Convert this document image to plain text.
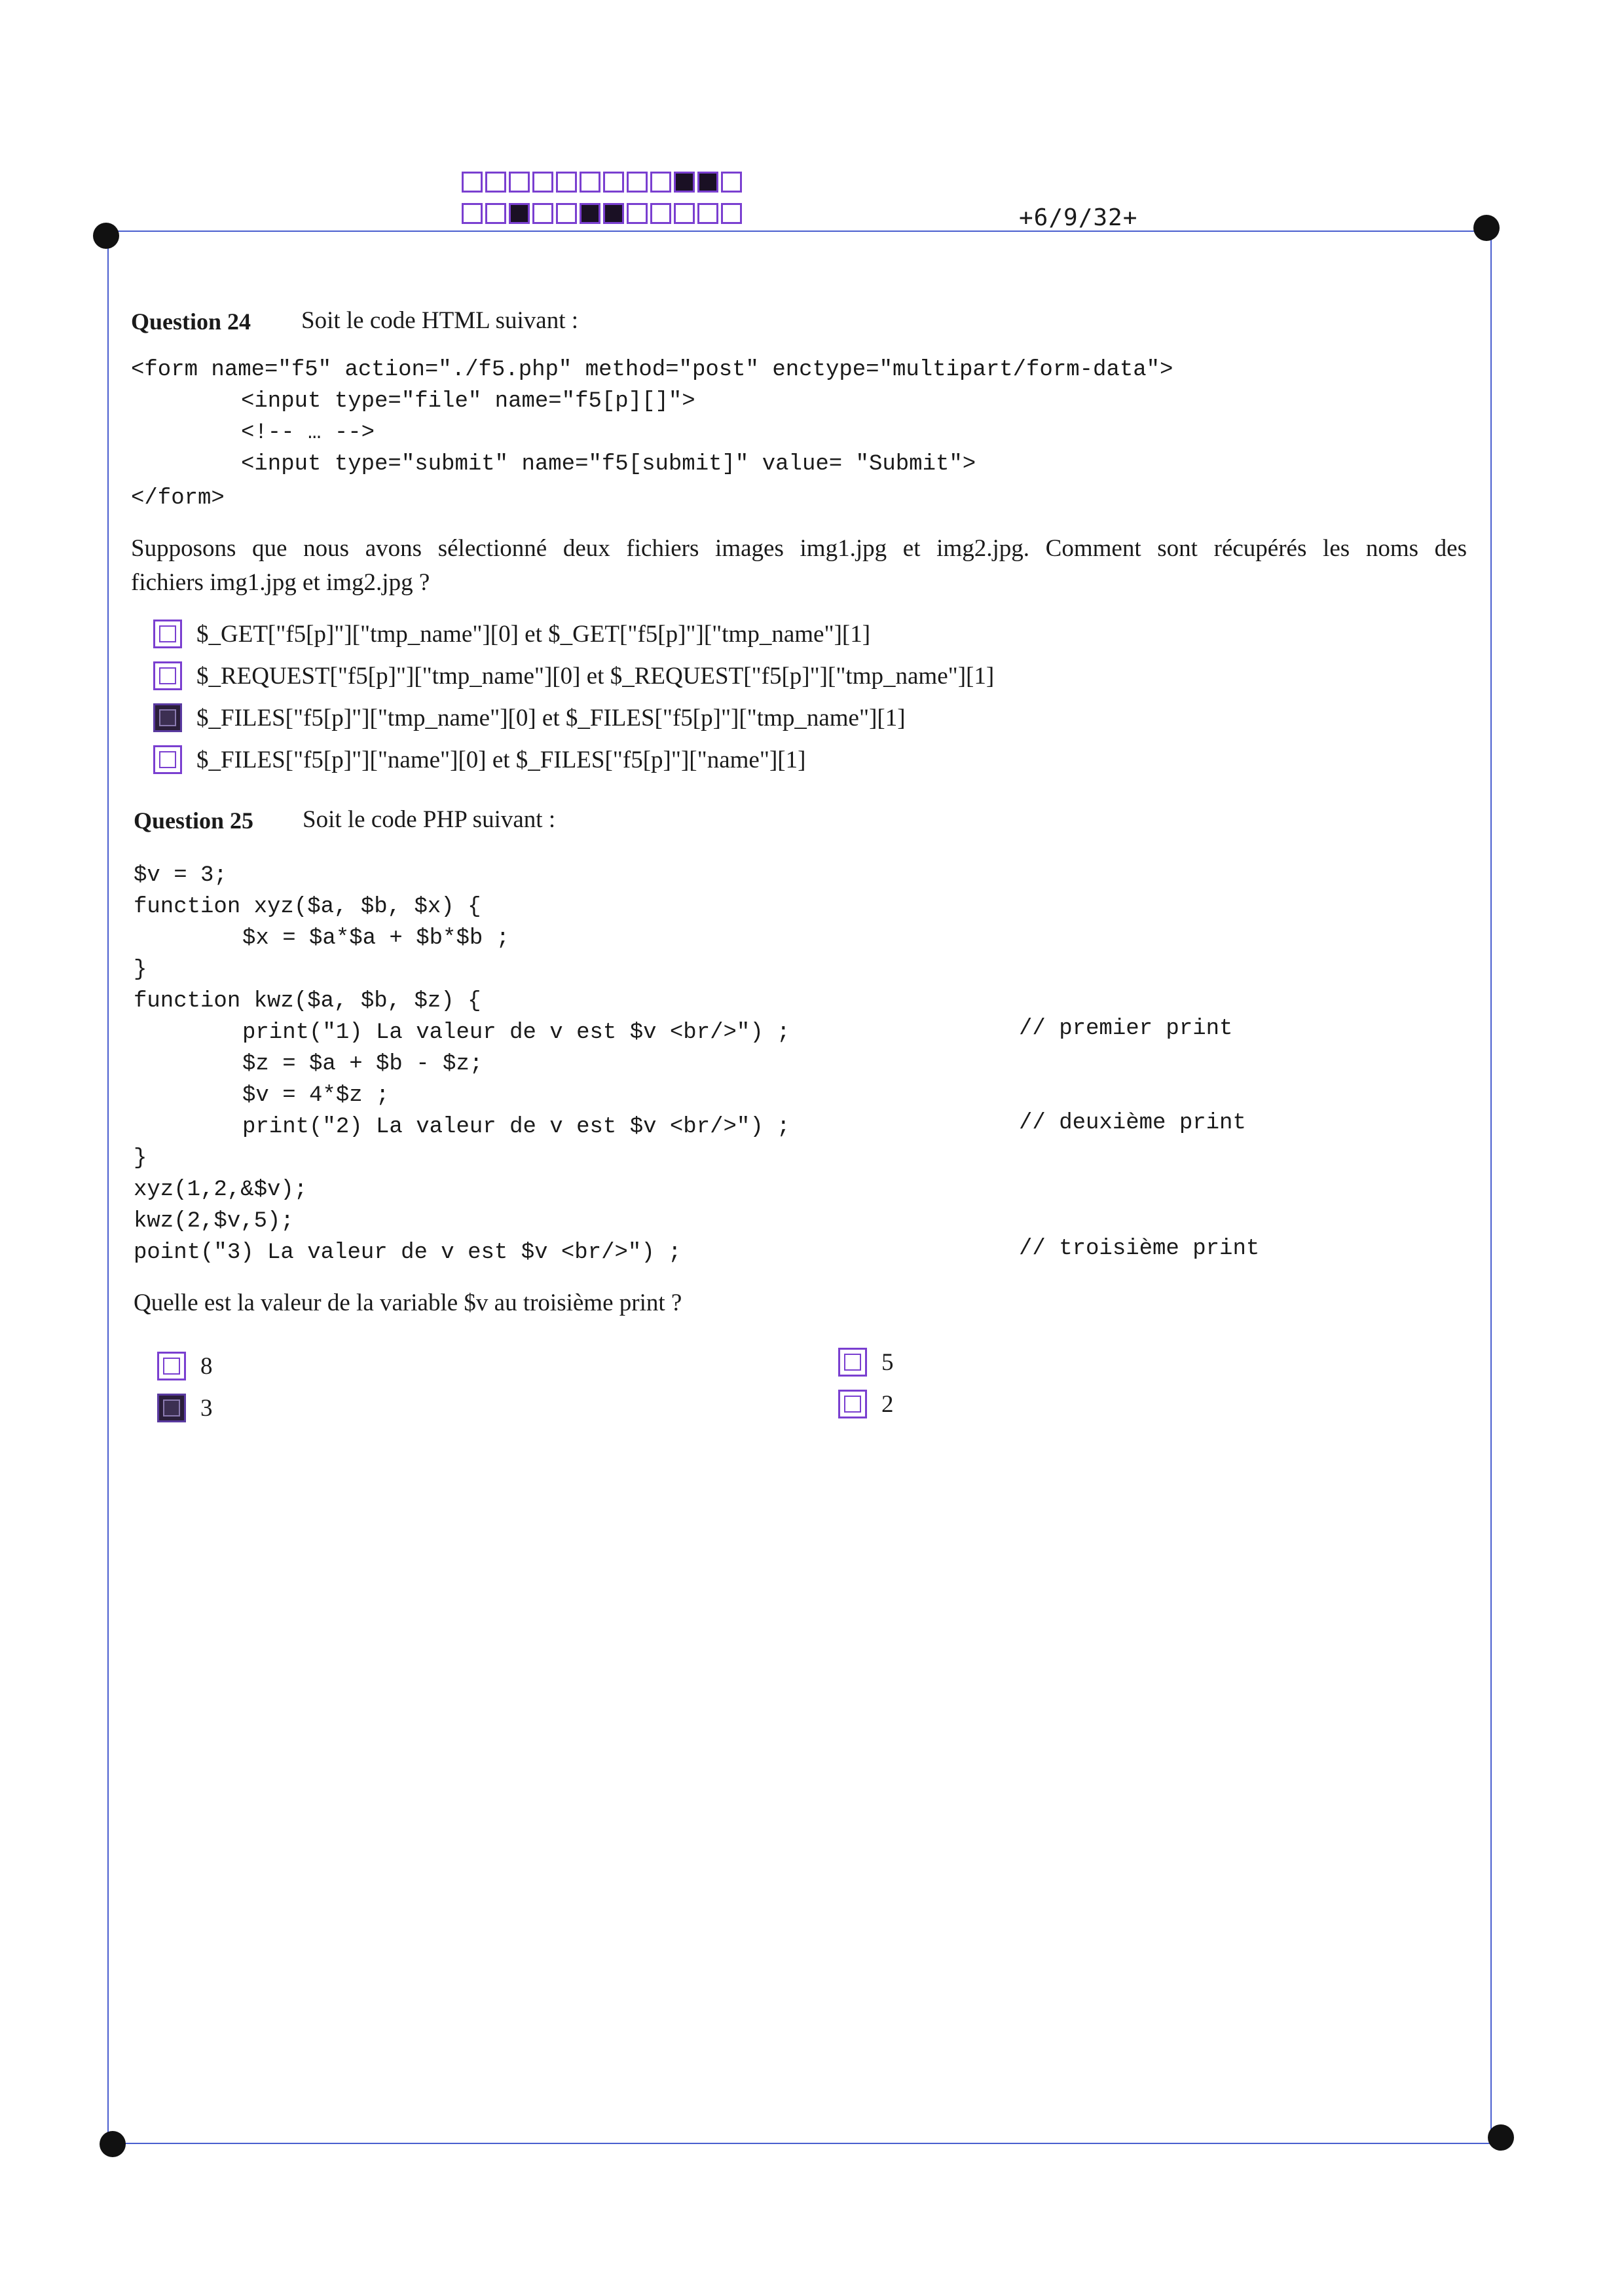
+6/9/32+
Question 24 Soit le code HTML suivant :
<form name="f5" action="./f5.php" method="post" enctype="multipart/form-data">
<input type="file" name="f5[p][]">
<!-- … -->
<input type="submit" name="f5[submit]" value= "Submit">
</form>
Supposons que nous avons sélectionné deux fichiers images img1.jpg et img2.jpg. Comment sont récupérés les noms des
fichiers img1.jpg et img2.jpg ?
$_GET["f5[p]"]["tmp_name"][0] et $_GET["f5[p]"]["tmp_name"][1]
$_REQUEST["f5[p]"]["tmp_name"][0] et $_REQUEST["f5[p]"]["tmp_name"][1]
$_FILES["f5[p]"]["tmp_name"][0] et $_FILES["f5[p]"]["tmp_name"][1]
$_FILES["f5[p]"]["name"][0] et $_FILES["f5[p]"]["name"][1]
Question 25 Soit le code PHP suivant :
$v = 3;
function xyz($a, $b, $x) {
$x = $a*$a + $b*$b ;
}
function kwz($a, $b, $z) {
print("1) La valeur de v est $v <br/>") ;
$z = $a + $b - $z;
$v = 4*$z ;
print("2) La valeur de v est $v <br/>") ;
}
xyz(1,2,&$v);
kwz(2,$v,5);
point("3) La valeur de v est $v <br/>") ;
// premier print
// deuxième print
// troisième print
Quelle est la valeur de la variable $v au troisième print ?
8
3
5
2
